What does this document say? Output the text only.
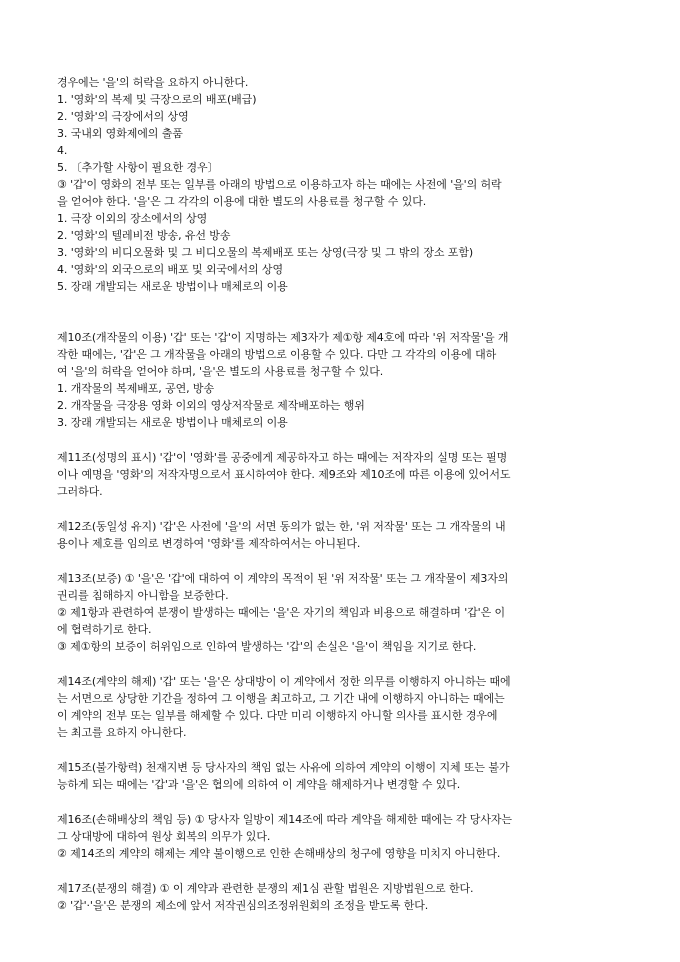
경우에는 '을'의 허락을 요하지 아니한다.
1. '영화'의 복제 및 극장으로의 배포(배급)
2. '영화'의 극장에서의 상영
3. 국내외 영화제에의 출품
4.
5. 〔추가할 사항이 필요한 경우〕
③ '갑'이 영화의 전부 또는 일부를 아래의 방법으로 이용하고자 하는 때에는 사전에 '을'의 허락
을 얻어야 한다. '을'은 그 각각의 이용에 대한 별도의 사용료를 청구할 수 있다.
1. 극장 이외의 장소에서의 상영
2. '영화'의 텔레비전 방송, 유선 방송
3. '영화'의 비디오물화 및 그 비디오물의 복제배포 또는 상영(극장 및 그 밖의 장소 포함)
4. '영화'의 외국으로의 배포 및 외국에서의 상영
5. 장래 개발되는 새로운 방법이나 매체로의 이용
제10조(개작물의 이용) '갑' 또는 '갑'이 지명하는 제3자가 제①항 제4호에 따라 '위 저작물'을 개
작한 때에는, '갑'은 그 개작물을 아래의 방법으로 이용할 수 있다. 다만 그 각각의 이용에 대하
여 '을'의 허락을 얻어야 하며, '을'은 별도의 사용료를 청구할 수 있다.
1. 개작물의 복제배포, 공연, 방송
2. 개작물을 극장용 영화 이외의 영상저작물로 제작배포하는 행위
3. 장래 개발되는 새로운 방법이나 매체로의 이용
제11조(성명의 표시) '갑'이 '영화'를 공중에게 제공하자고 하는 때에는 저작자의 실명 또는 필명
이나 예명을 '영화'의 저작자명으로서 표시하여야 한다. 제9조와 제10조에 따른 이용에 있어서도
그러하다.
제12조(동일성 유지) '갑'은 사전에 '을'의 서면 동의가 없는 한, '위 저작물' 또는 그 개작물의 내
용이나 제호를 임의로 변경하여 '영화'를 제작하여서는 아니된다.
제13조(보증) ① '을'은 '갑'에 대하여 이 계약의 목적이 된 '위 저작물' 또는 그 개작물이 제3자의
권리를 침해하지 아니함을 보증한다.
② 제1항과 관련하여 분쟁이 발생하는 때에는 '을'은 자기의 책임과 비용으로 해결하며 '갑'은 이
에 협력하기로 한다.
③ 제①항의 보증이 허위임으로 인하여 발생하는 '갑'의 손실은 '을'이 책임을 지기로 한다.
제14조(계약의 해제) '갑' 또는 '을'은 상대방이 이 계약에서 정한 의무를 이행하지 아니하는 때에
는 서면으로 상당한 기간을 정하여 그 이행을 최고하고, 그 기간 내에 이행하지 아니하는 때에는
이 계약의 전부 또는 일부를 해제할 수 있다. 다만 미리 이행하지 아니할 의사를 표시한 경우에
는 최고를 요하지 아니한다.
제15조(불가항력) 천재지변 등 당사자의 책임 없는 사유에 의하여 계약의 이행이 지체 또는 불가
능하게 되는 때에는 '갑'과 '을'은 협의에 의하여 이 계약을 해제하거나 변경할 수 있다.
제16조(손해배상의 책임 등) ① 당사자 일방이 제14조에 따라 계약을 해제한 때에는 각 당사자는
그 상대방에 대하여 원상 회복의 의무가 있다.
② 제14조의 계약의 해제는 계약 불이행으로 인한 손해배상의 청구에 영향을 미치지 아니한다.
제17조(분쟁의 해결) ① 이 계약과 관련한 분쟁의 제1심 관할 법원은 지방법원으로 한다.
② '갑'·'을'은 분쟁의 제소에 앞서 저작권심의조정위원회의 조정을 받도록 한다.
